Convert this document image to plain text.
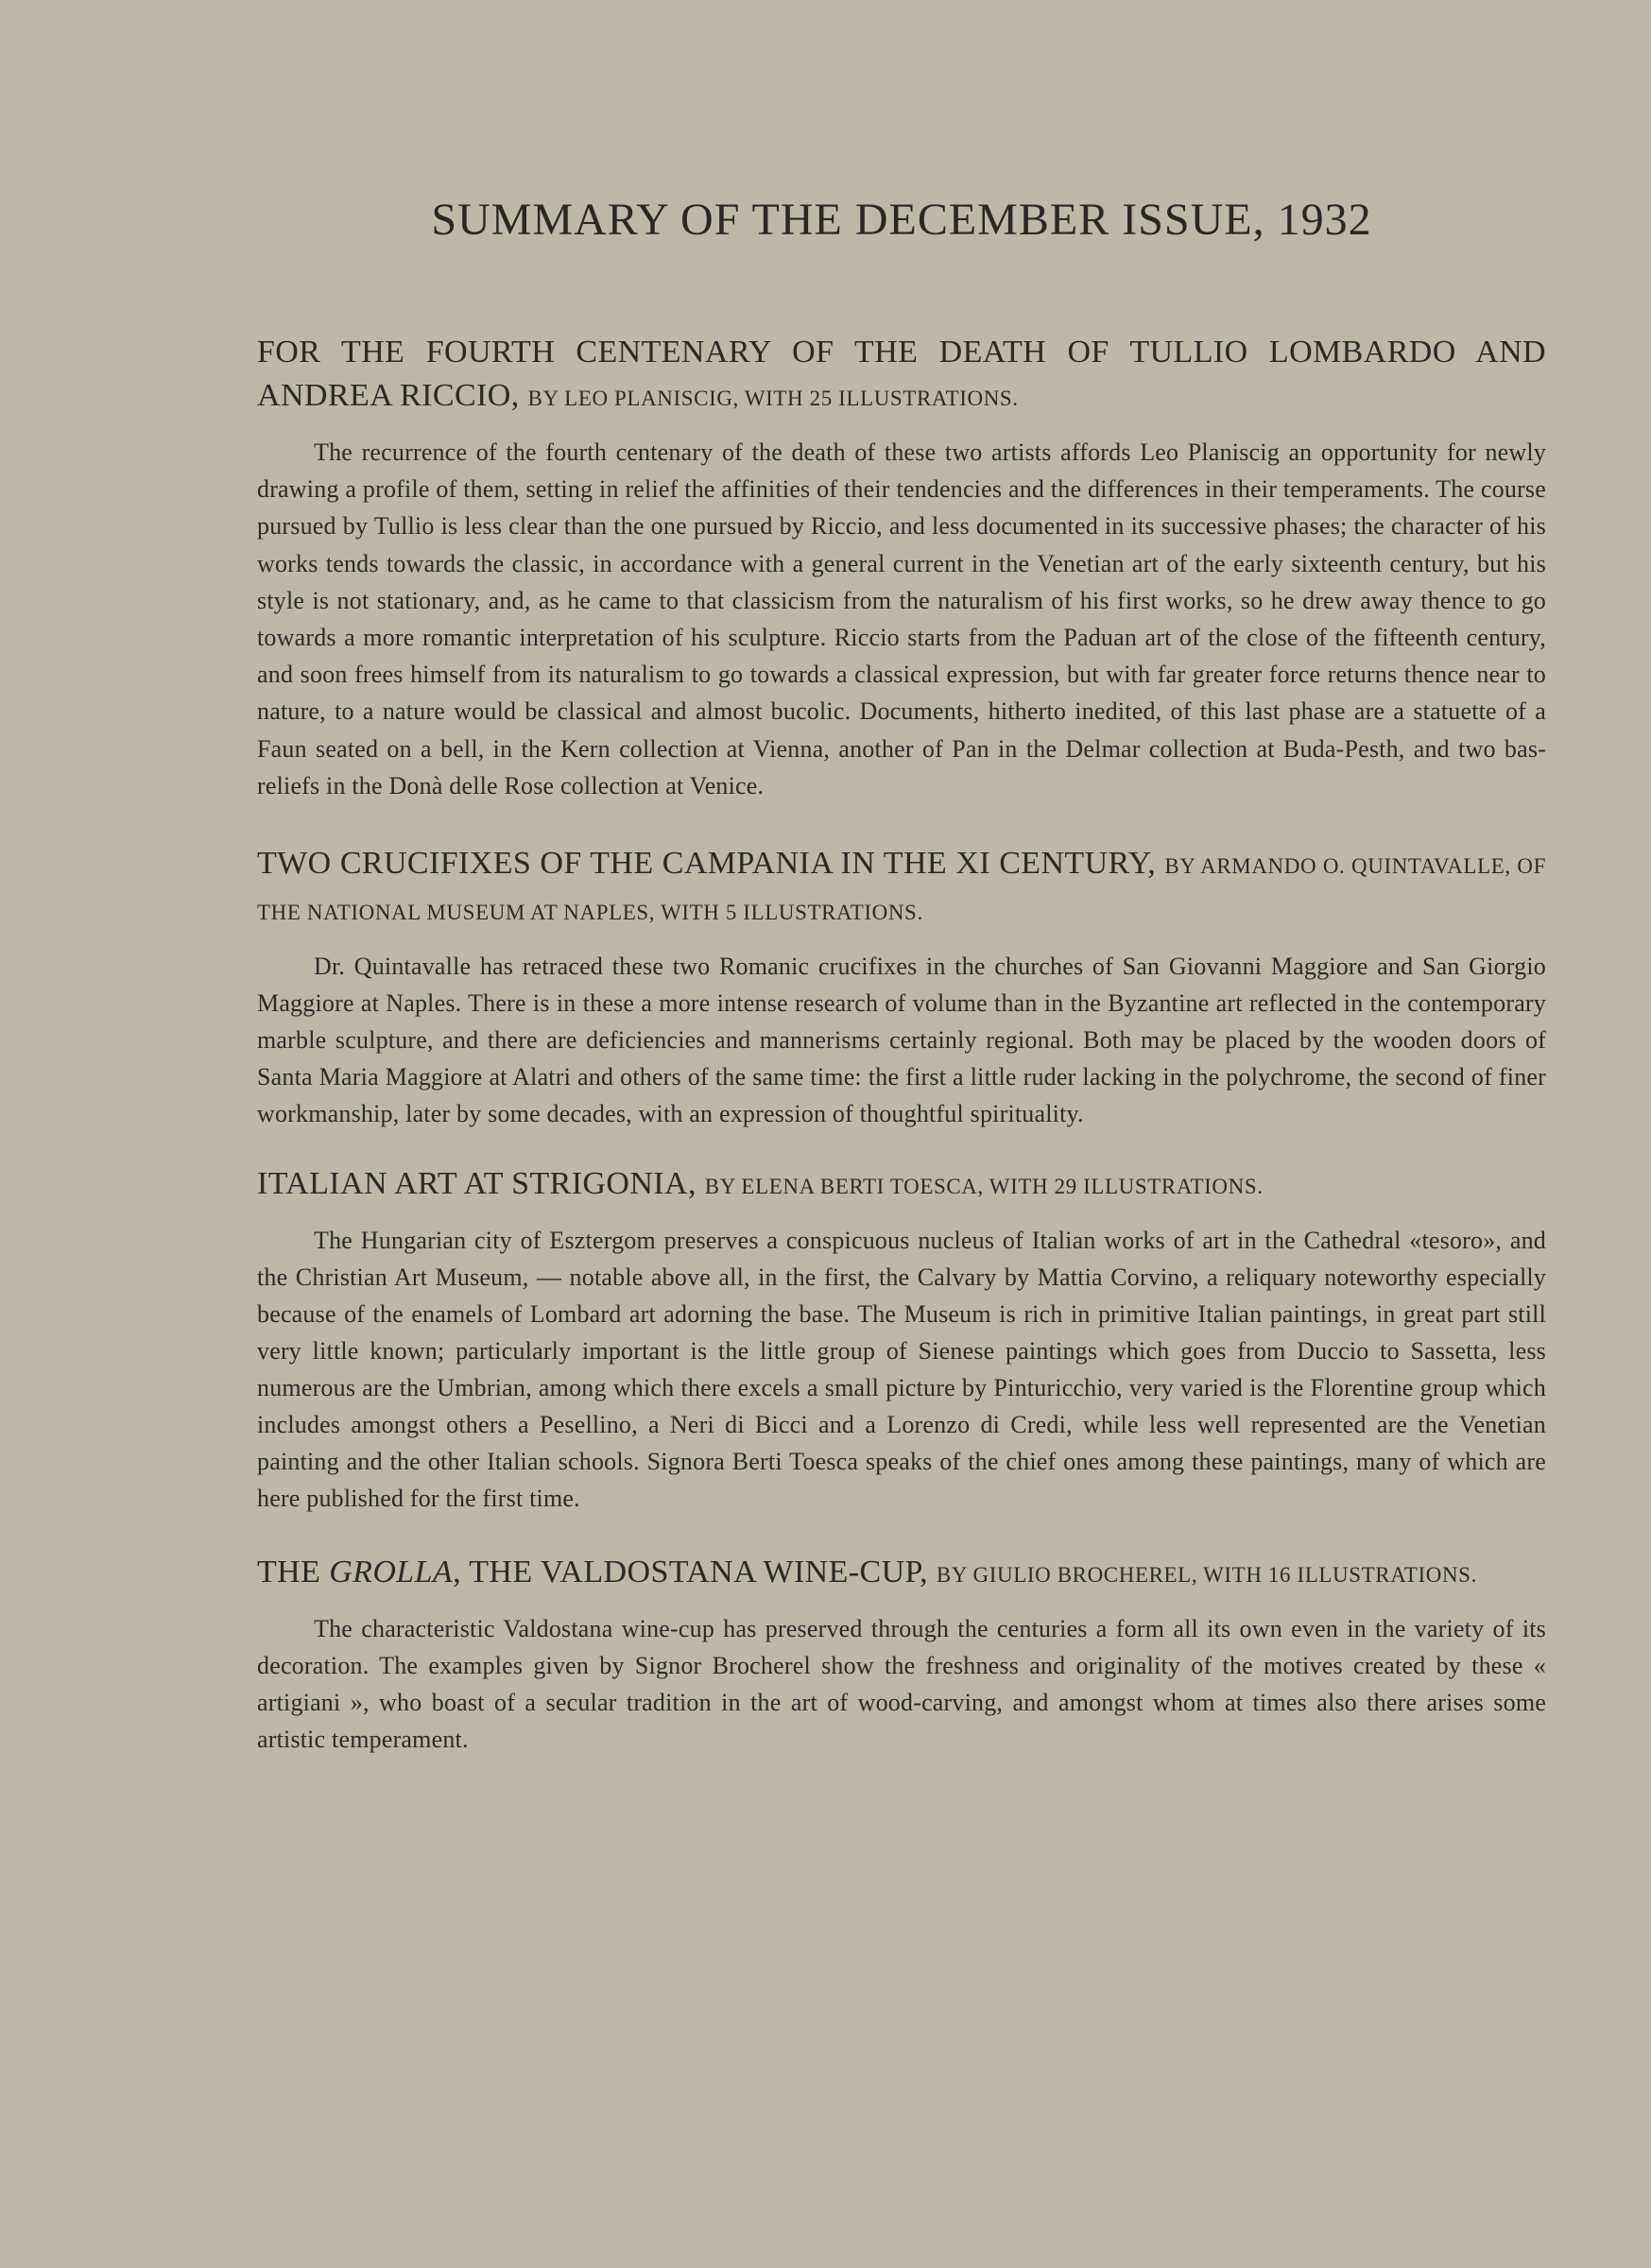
SUMMARY OF THE DECEMBER ISSUE, 1932
FOR THE FOURTH CENTENARY OF THE DEATH OF TULLIO LOMBARDO AND ANDREA RICCIO, BY LEO PLANISCIG, WITH 25 ILLUSTRATIONS.

The recurrence of the fourth centenary of the death of these two artists affords Leo Planiscig an opportunity for newly drawing a profile of them, setting in relief the affinities of their tendencies and the differences in their temperaments. The course pursued by Tullio is less clear than the one pursued by Riccio, and less documented in its successive phases; the character of his works tends towards the classic, in accordance with a general current in the Venetian art of the early sixteenth century, but his style is not stationary, and, as he came to that classicism from the naturalism of his first works, so he drew away thence to go towards a more romantic interpretation of his sculpture. Riccio starts from the Paduan art of the close of the fifteenth century, and soon frees himself from its naturalism to go towards a classical expression, but with far greater force returns thence near to nature, to a nature would be classical and almost bucolic. Documents, hitherto inedited, of this last phase are a statuette of a Faun seated on a bell, in the Kern collection at Vienna, another of Pan in the Delmar collection at Buda-Pesth, and two bas-reliefs in the Donà delle Rose collection at Venice.

TWO CRUCIFIXES OF THE CAMPANIA IN THE XI CENTURY, BY ARMANDO O. QUINTAVALLE, OF THE NATIONAL MUSEUM AT NAPLES, WITH 5 ILLUSTRATIONS.

Dr. Quintavalle has retraced these two Romanic crucifixes in the churches of San Giovanni Maggiore and San Giorgio Maggiore at Naples. There is in these a more intense research of volume than in the Byzantine art reflected in the contemporary marble sculpture, and there are deficiencies and mannerisms certainly regional. Both may be placed by the wooden doors of Santa Maria Maggiore at Alatri and others of the same time: the first a little ruder lacking in the polychrome, the second of finer workmanship, later by some decades, with an expression of thoughtful spirituality.

ITALIAN ART AT STRIGONIA, BY ELENA BERTI TOESCA, WITH 29 ILLUSTRATIONS.

The Hungarian city of Esztergom preserves a conspicuous nucleus of Italian works of art in the Cathedral «tesoro», and the Christian Art Museum, — notable above all, in the first, the Calvary by Mattia Corvino, a reliquary noteworthy especially because of the enamels of Lombard art adorning the base. The Museum is rich in primitive Italian paintings, in great part still very little known; particularly important is the little group of Sienese paintings which goes from Duccio to Sassetta, less numerous are the Umbrian, among which there excels a small picture by Pinturicchio, very varied is the Florentine group which includes amongst others a Pesellino, a Neri di Bicci and a Lorenzo di Credi, while less well represented are the Venetian painting and the other Italian schools. Signora Berti Toesca speaks of the chief ones among these paintings, many of which are here published for the first time.

THE GROLLA, THE VALDOSTANA WINE-CUP, BY GIULIO BROCHEREL, WITH 16 ILLUSTRATIONS.

The characteristic Valdostana wine-cup has preserved through the centuries a form all its own even in the variety of its decoration. The examples given by Signor Brocherel show the freshness and originality of the motives created by these « artigiani », who boast of a secular tradition in the art of wood-carving, and amongst whom at times also there arises some artistic temperament.
